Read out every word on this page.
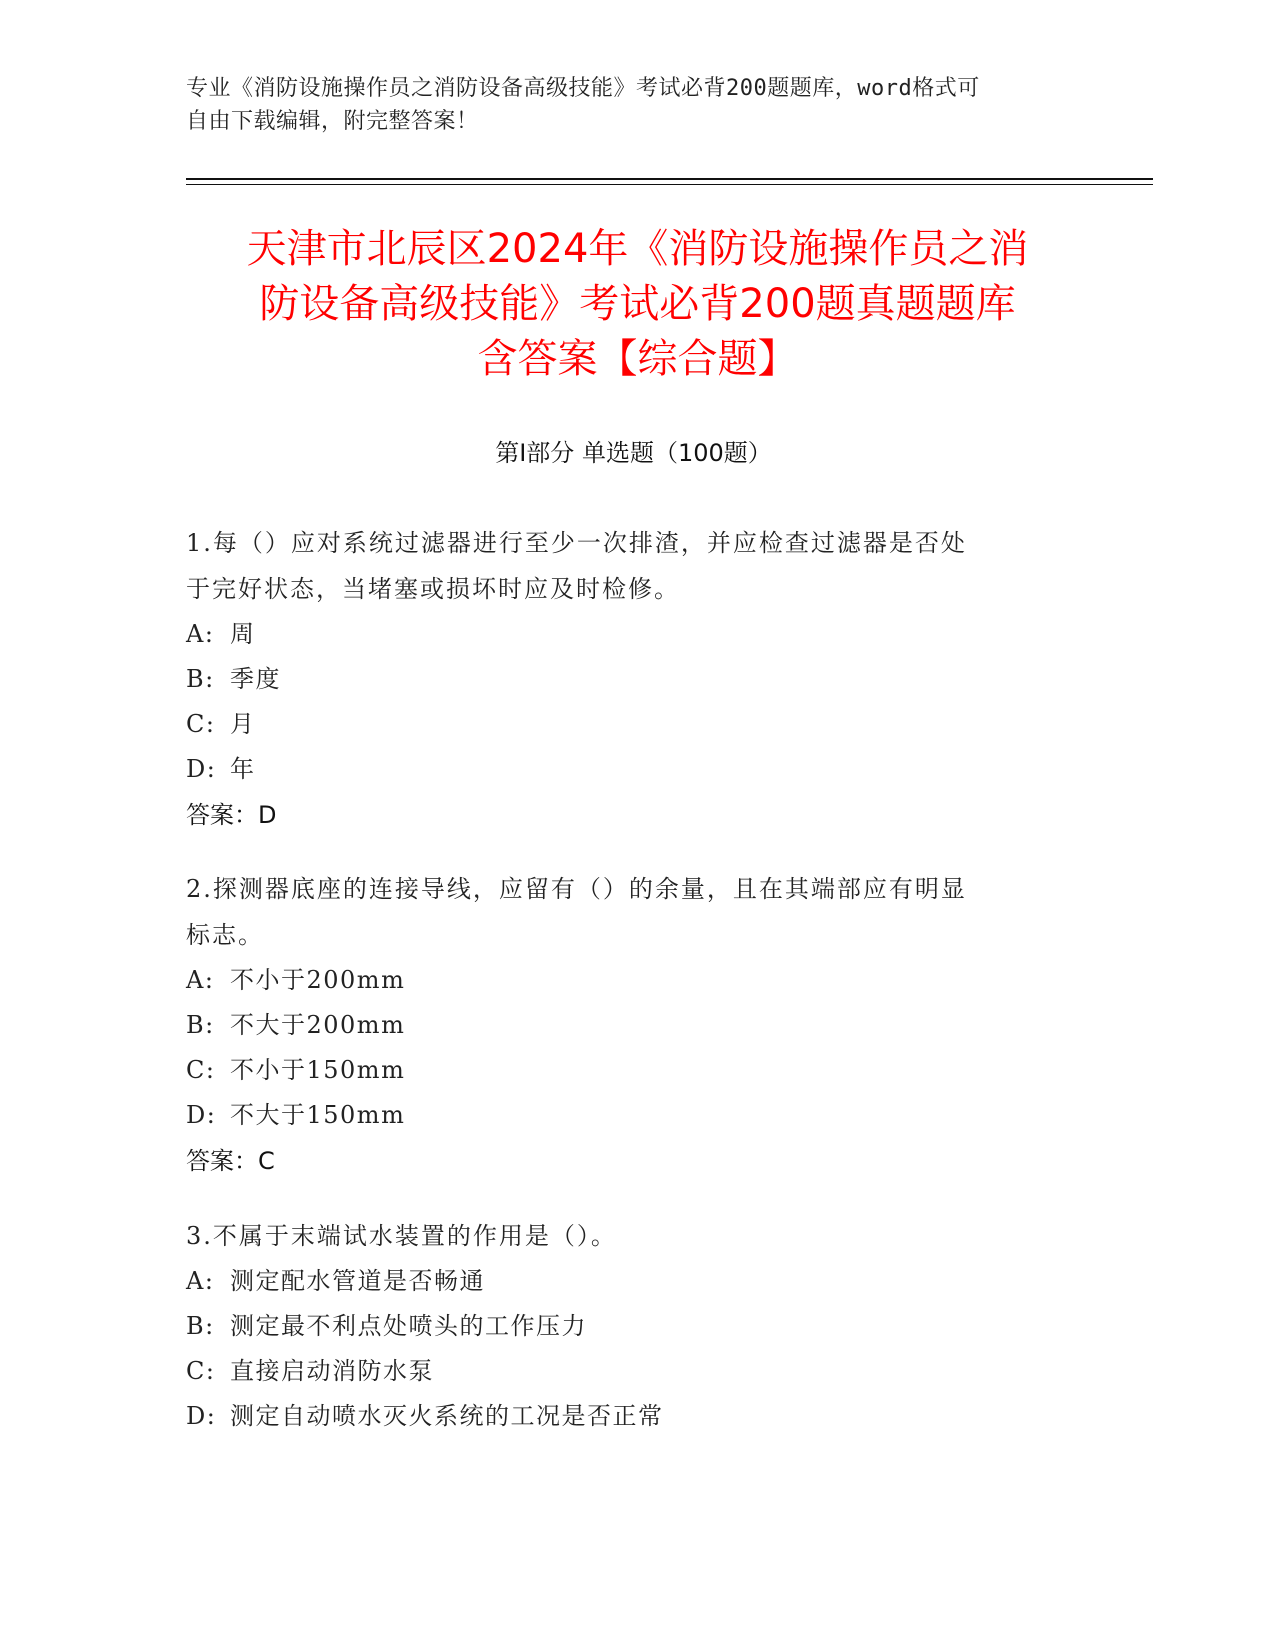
专业《消防设施操作员之消防设备高级技能》考试必背200题题库，word格式可
自由下载编辑，附完整答案！
天津市北辰区2024年《消防设施操作员之消
防设备高级技能》考试必背200题真题题库
含答案【综合题】
第Ⅰ部分 单选题（100题）
1.每（）应对系统过滤器进行至少一次排渣，并应检查过滤器是否处
于完好状态，当堵塞或损坏时应及时检修。
A: 周
B: 季度
C: 月
D: 年
答案：D
2.探测器底座的连接导线，应留有（）的余量，且在其端部应有明显
标志。
A: 不小于200mm
B: 不大于200mm
C: 不小于150mm
D: 不大于150mm
答案：C
3.不属于末端试水装置的作用是（）。
A: 测定配水管道是否畅通
B: 测定最不利点处喷头的工作压力
C: 直接启动消防水泵
D: 测定自动喷水灭火系统的工况是否正常
